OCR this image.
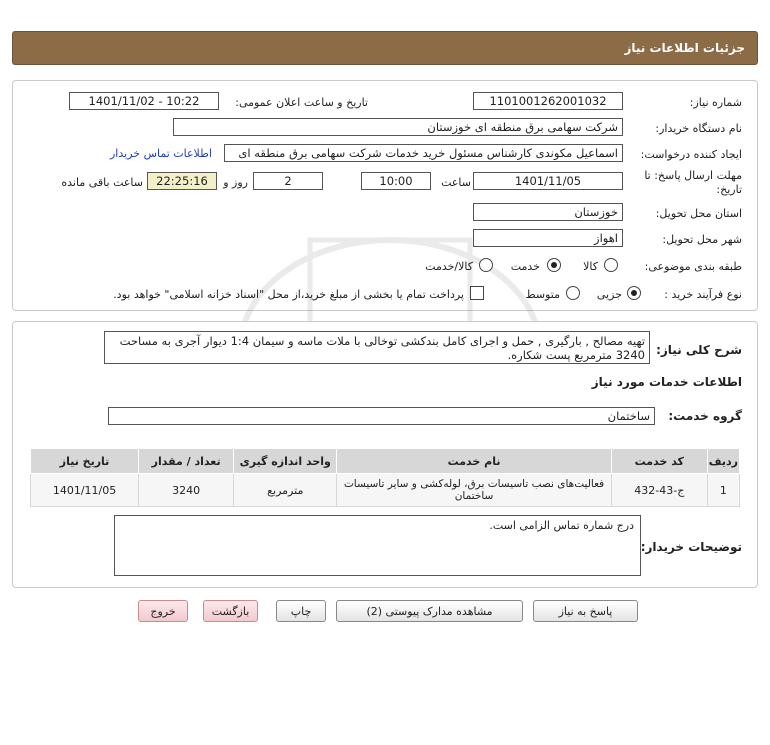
جزئیات اطلاعات نیاز
شماره نیاز:
1101001262001032
تاریخ و ساعت اعلان عمومی:
1401/11/02 - 10:22
نام دستگاه خریدار:
شرکت سهامی برق منطقه ای خوزستان
ایجاد کننده درخواست:
اسماعیل مکوندی کارشناس مسئول خرید خدمات شرکت سهامی برق منطقه ای
اطلاعات تماس خریدار
مهلت ارسال پاسخ: تا
تاریخ:
1401/11/05
ساعت
10:00
2
روز و
22:25:16
ساعت باقی مانده
استان محل تحویل:
خوزستان
شهر محل تحویل:
اهواز
طبقه بندی موضوعی:
کالا
خدمت
کالا/خدمت
نوع فرآیند خرید :
جزیی
متوسط
پرداخت تمام یا بخشی از مبلغ خرید،از محل "اسناد خزانه اسلامی" خواهد بود.
شرح کلی نیاز:
تهیه مصالح , بارگیری , حمل و اجرای کامل بندکشی توخالی با ملات ماسه و سیمان 1:4 دیوار آجری به مساحت 3240 مترمربع پست شکاره.
اطلاعات خدمات مورد نیاز
گروه خدمت:
ساختمان
ردیف	کد خدمت	نام خدمت	واحد اندازه گیری	تعداد / مقدار	تاریخ نیاز
1	ج-43-432	فعالیت‌های نصب تاسیسات برق، لوله‌کشی و سایر تاسیسات ساختمان	مترمربع	3240	1401/11/05
توضیحات خریدار:
درج شماره تماس الزامی است.
پاسخ به نیاز
مشاهده مدارک پیوستی (2)
چاپ
بازگشت
خروج
